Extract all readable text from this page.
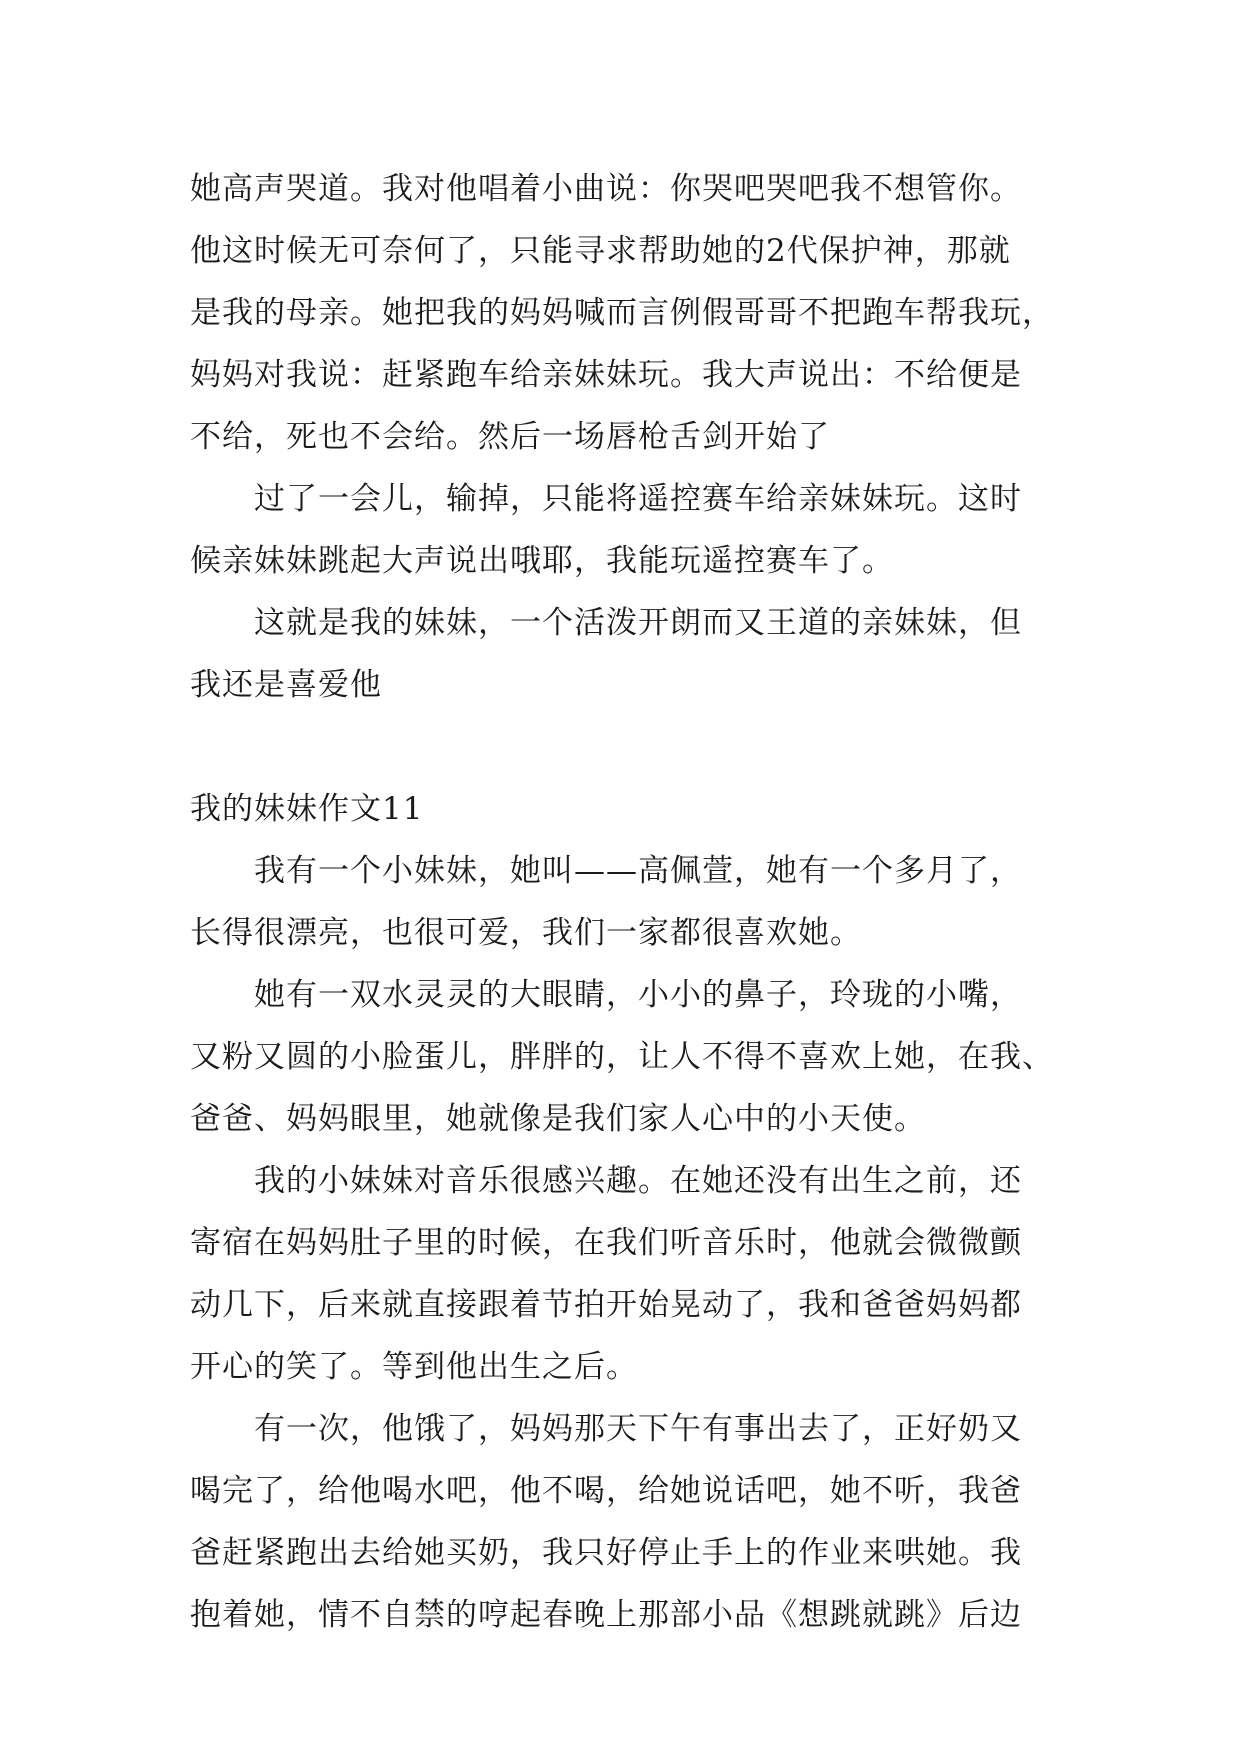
她高声哭道。我对他唱着小曲说：你哭吧哭吧我不想管你。
他这时候无可奈何了，只能寻求帮助她的2代保护神，那就
是我的母亲。她把我的妈妈喊而言例假哥哥不把跑车帮我玩，
妈妈对我说：赶紧跑车给亲妹妹玩。我大声说出：不给便是
不给，死也不会给。然后一场唇枪舌剑开始了
过了一会儿，输掉，只能将遥控赛车给亲妹妹玩。这时
候亲妹妹跳起大声说出哦耶，我能玩遥控赛车了。
这就是我的妹妹，一个活泼开朗而又王道的亲妹妹，但
我还是喜爱他
我的妹妹作文11
我有一个小妹妹，她叫——高佩萱，她有一个多月了，
长得很漂亮，也很可爱，我们一家都很喜欢她。
她有一双水灵灵的大眼睛，小小的鼻子，玲珑的小嘴，
又粉又圆的小脸蛋儿，胖胖的，让人不得不喜欢上她，在我、
爸爸、妈妈眼里，她就像是我们家人心中的小天使。
我的小妹妹对音乐很感兴趣。在她还没有出生之前，还
寄宿在妈妈肚子里的时候，在我们听音乐时，他就会微微颤
动几下，后来就直接跟着节拍开始晃动了，我和爸爸妈妈都
开心的笑了。等到他出生之后。
有一次，他饿了，妈妈那天下午有事出去了，正好奶又
喝完了，给他喝水吧，他不喝，给她说话吧，她不听，我爸
爸赶紧跑出去给她买奶，我只好停止手上的作业来哄她。我
抱着她，情不自禁的哼起春晚上那部小品《想跳就跳》后边
